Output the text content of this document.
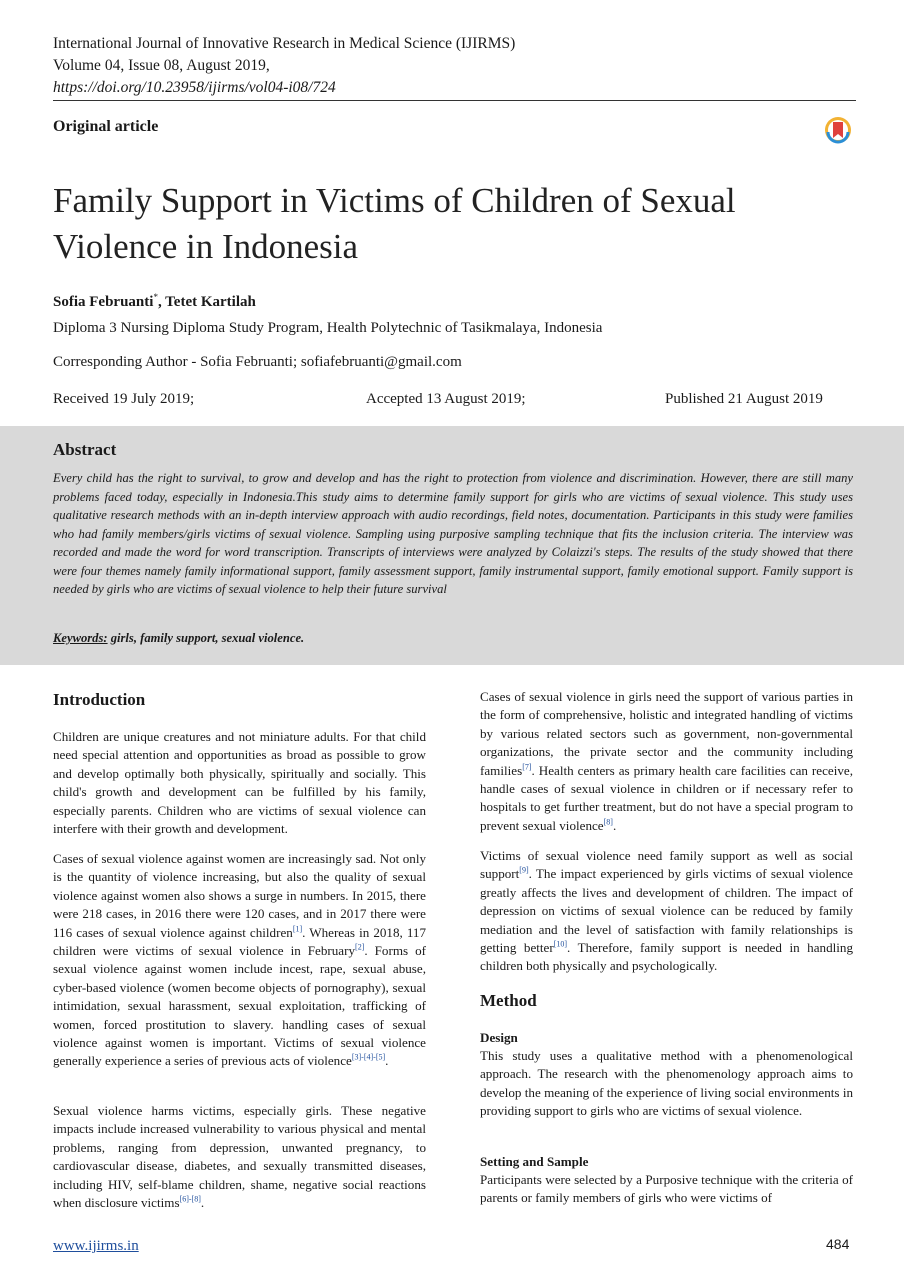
International Journal of Innovative Research in Medical Science (IJIRMS)
Volume 04, Issue 08, August 2019,
https://doi.org/10.23958/ijirms/vol04-i08/724
Original article
Family Support in Victims of Children of Sexual
Violence in Indonesia
Sofia Februanti*, Tetet Kartilah
Diploma 3 Nursing Diploma Study Program, Health Polytechnic of Tasikmalaya, Indonesia
Corresponding Author - Sofia Februanti; sofiafebruanti@gmail.com
Received 19 July 2019;	Accepted 13 August 2019;	Published 21 August 2019
Abstract
Every child has the right to survival, to grow and develop and has the right to protection from violence and discrimination. However, there are still many problems faced today, especially in Indonesia.This study aims to determine family support for girls who are victims of sexual violence. This study uses qualitative research methods with an in-depth interview approach with audio recordings, field notes, documentation. Participants in this study were families who had family members/girls victims of sexual violence. Sampling using purposive sampling technique that fits the inclusion criteria. The interview was recorded and made the word for word transcription. Transcripts of interviews were analyzed by Colaizzi's steps. The results of the study showed that there were four themes namely family informational support, family assessment support, family instrumental support, family emotional support. Family support is needed by girls who are victims of sexual violence to help their future survival
Keywords: girls, family support, sexual violence.
Introduction
Children are unique creatures and not miniature adults. For that child need special attention and opportunities as broad as possible to grow and develop optimally both physically, spiritually and socially. This child's growth and development can be fulfilled by his family, especially parents. Children who are victims of sexual violence can interfere with their growth and development.
Cases of sexual violence against women are increasingly sad. Not only is the quantity of violence increasing, but also the quality of sexual violence against women also shows a surge in numbers. In 2015, there were 218 cases, in 2016 there were 120 cases, and in 2017 there were 116 cases of sexual violence against children[1]. Whereas in 2018, 117 children were victims of sexual violence in February[2]. Forms of sexual violence against women include incest, rape, sexual abuse, cyber-based violence (women become objects of pornography), sexual intimidation, sexual harassment, sexual exploitation, trafficking of women, forced prostitution to slavery. handling cases of sexual violence against women is important. Victims of sexual violence generally experience a series of previous acts of violence[3]-[4]-[5].
Sexual violence harms victims, especially girls. These negative impacts include increased vulnerability to various physical and mental problems, ranging from depression, unwanted pregnancy, to cardiovascular disease, diabetes, and sexually transmitted diseases, including HIV, self-blame children, shame, negative social reactions when disclosure victims[6]-[8].
Cases of sexual violence in girls need the support of various parties in the form of comprehensive, holistic and integrated handling of victims by various related sectors such as government, non-governmental organizations, the private sector and the community including families[7]. Health centers as primary health care facilities can receive, handle cases of sexual violence in children or if necessary refer to hospitals to get further treatment, but do not have a special program to prevent sexual violence[8].
Victims of sexual violence need family support as well as social support[9]. The impact experienced by girls victims of sexual violence greatly affects the lives and development of children. The impact of depression on victims of sexual violence can be reduced by family mediation and the level of satisfaction with family relationships is getting better[10]. Therefore, family support is needed in handling children both physically and psychologically.
Method
Design
This study uses a qualitative method with a phenomenological approach. The research with the phenomenology approach aims to develop the meaning of the experience of living social environments in providing support to girls who are victims of sexual violence.
Setting and Sample
Participants were selected by a Purposive technique with the criteria of parents or family members of girls who were victims of
www.ijirms.in	484
